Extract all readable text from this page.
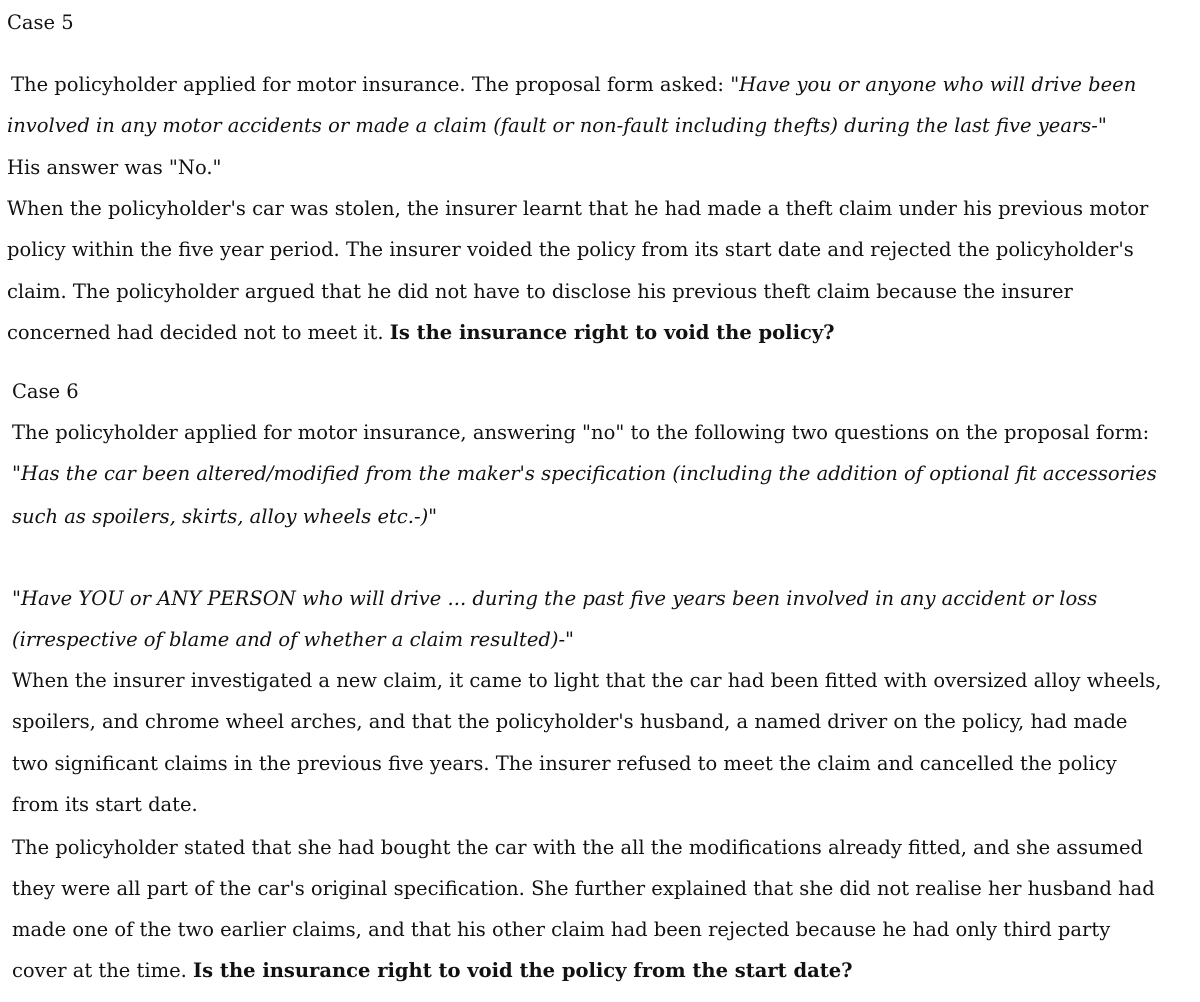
Case 5
The policyholder applied for motor insurance. The proposal form asked: "Have you or anyone who will drive been
involved in any motor accidents or made a claim (fault or non-fault including thefts) during the last five years-"
His answer was "No."
When the policyholder's car was stolen, the insurer learnt that he had made a theft claim under his previous motor
policy within the five year period. The insurer voided the policy from its start date and rejected the policyholder's
claim. The policyholder argued that he did not have to disclose his previous theft claim because the insurer
concerned had decided not to meet it. Is the insurance right to void the policy?
Case 6
The policyholder applied for motor insurance, answering "no" to the following two questions on the proposal form:
"Has the car been altered/modified from the maker's specification (including the addition of optional fit accessories
such as spoilers, skirts, alloy wheels etc.-)"
"Have YOU or ANY PERSON who will drive ... during the past five years been involved in any accident or loss
(irrespective of blame and of whether a claim resulted)-"
When the insurer investigated a new claim, it came to light that the car had been fitted with oversized alloy wheels,
spoilers, and chrome wheel arches, and that the policyholder's husband, a named driver on the policy, had made
two significant claims in the previous five years. The insurer refused to meet the claim and cancelled the policy
from its start date.
The policyholder stated that she had bought the car with the all the modifications already fitted, and she assumed
they were all part of the car's original specification. She further explained that she did not realise her husband had
made one of the two earlier claims, and that his other claim had been rejected because he had only third party
cover at the time. Is the insurance right to void the policy from the start date?
